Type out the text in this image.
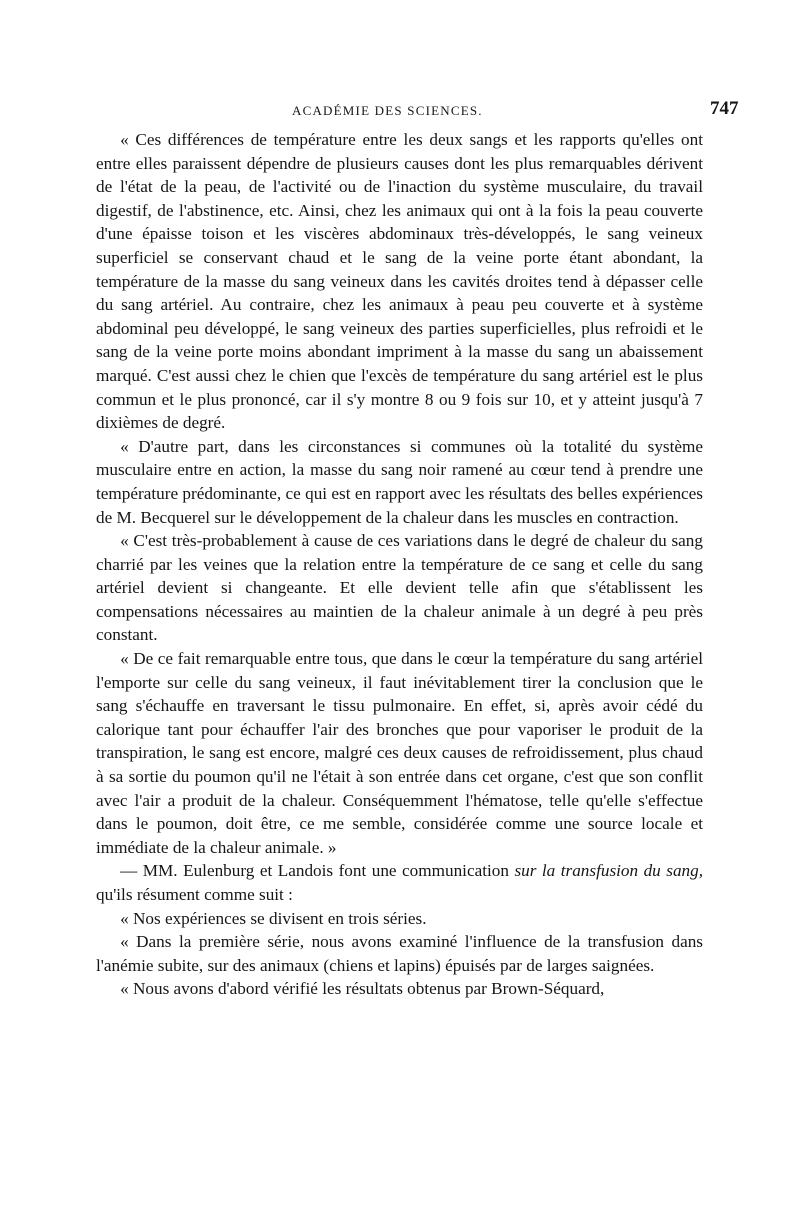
ACADÉMIE DES SCIENCES.	747

« Ces différences de température entre les deux sangs et les rapports qu'elles ont entre elles paraissent dépendre de plusieurs causes dont les plus remarquables dérivent de l'état de la peau, de l'activité ou de l'inaction du système musculaire, du travail digestif, de l'abstinence, etc. Ainsi, chez les animaux qui ont à la fois la peau couverte d'une épaisse toison et les viscères abdominaux très-développés, le sang veineux superficiel se conservant chaud et le sang de la veine porte étant abondant, la température de la masse du sang veineux dans les cavités droites tend à dépasser celle du sang artériel. Au contraire, chez les animaux à peau peu couverte et à système abdominal peu développé, le sang veineux des parties superficielles, plus refroidi et le sang de la veine porte moins abondant impriment à la masse du sang un abaissement marqué. C'est aussi chez le chien que l'excès de température du sang artériel est le plus commun et le plus prononcé, car il s'y montre 8 ou 9 fois sur 10, et y atteint jusqu'à 7 dixièmes de degré.

« D'autre part, dans les circonstances si communes où la totalité du système musculaire entre en action, la masse du sang noir ramené au cœur tend à prendre une température prédominante, ce qui est en rapport avec les résultats des belles expériences de M. Becquerel sur le développement de la chaleur dans les muscles en contraction.

« C'est très-probablement à cause de ces variations dans le degré de chaleur du sang charrié par les veines que la relation entre la température de ce sang et celle du sang artériel devient si changeante. Et elle devient telle afin que s'établissent les compensations nécessaires au maintien de la chaleur animale à un degré à peu près constant.

« De ce fait remarquable entre tous, que dans le cœur la température du sang artériel l'emporte sur celle du sang veineux, il faut inévitablement tirer la conclusion que le sang s'échauffe en traversant le tissu pulmonaire. En effet, si, après avoir cédé du calorique tant pour échauffer l'air des bronches que pour vaporiser le produit de la transpiration, le sang est encore, malgré ces deux causes de refroidissement, plus chaud à sa sortie du poumon qu'il ne l'était à son entrée dans cet organe, c'est que son conflit avec l'air a produit de la chaleur. Conséquemment l'hématose, telle qu'elle s'effectue dans le poumon, doit être, ce me semble, considérée comme une source locale et immédiate de la chaleur animale. »

— MM. Eulenburg et Landois font une communication sur la transfusion du sang, qu'ils résument comme suit :

« Nos expériences se divisent en trois séries.

« Dans la première série, nous avons examiné l'influence de la transfusion dans l'anémie subite, sur des animaux (chiens et lapins) épuisés par de larges saignées.

« Nous avons d'abord vérifié les résultats obtenus par Brown-Séquard,
